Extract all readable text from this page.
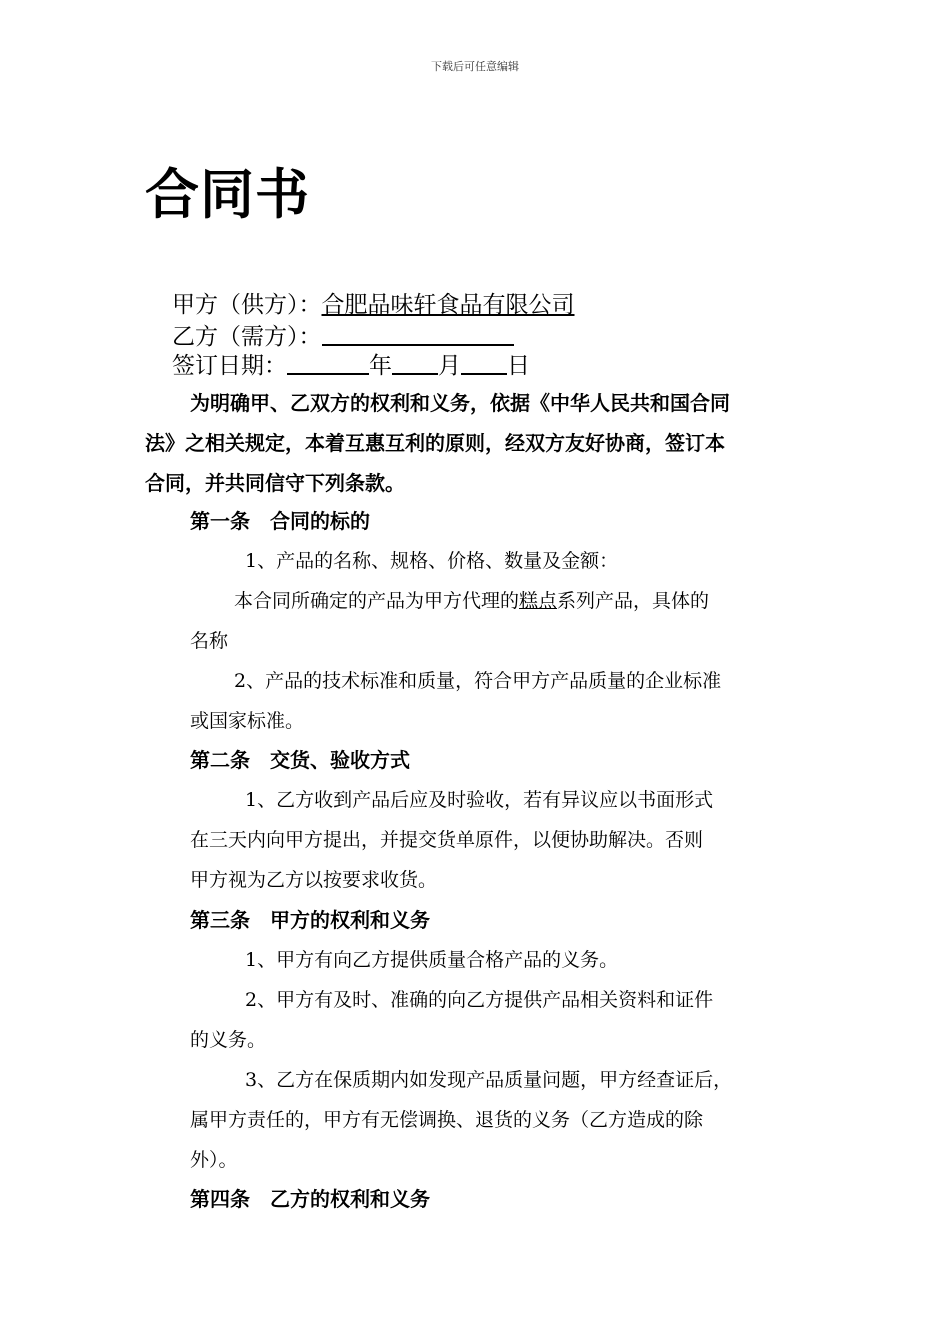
下载后可任意编辑
合同书
甲方（供方）：合肥品味轩食品有限公司
乙方（需方）：
签订日期：	年 月 日
为明确甲、乙双方的权利和义务，依据《中华人民共和国合同
法》之相关规定，本着互惠互利的原则，经双方友好协商，签订本
合同，并共同信守下列条款。
第一条　合同的标的
1、产品的名称、规格、价格、数量及金额：
本合同所确定的产品为甲方代理的糕点系列产品，具体的
名称
2、产品的技术标准和质量，符合甲方产品质量的企业标准
或国家标准。
第二条　交货、验收方式
1、乙方收到产品后应及时验收，若有异议应以书面形式
在三天内向甲方提出，并提交货单原件，以便协助解决。否则
甲方视为乙方以按要求收货。
第三条　甲方的权利和义务
1、甲方有向乙方提供质量合格产品的义务。
2、甲方有及时、准确的向乙方提供产品相关资料和证件
的义务。
3、乙方在保质期内如发现产品质量问题，甲方经查证后，
属甲方责任的，甲方有无偿调换、退货的义务（乙方造成的除
外）。
第四条　乙方的权利和义务
